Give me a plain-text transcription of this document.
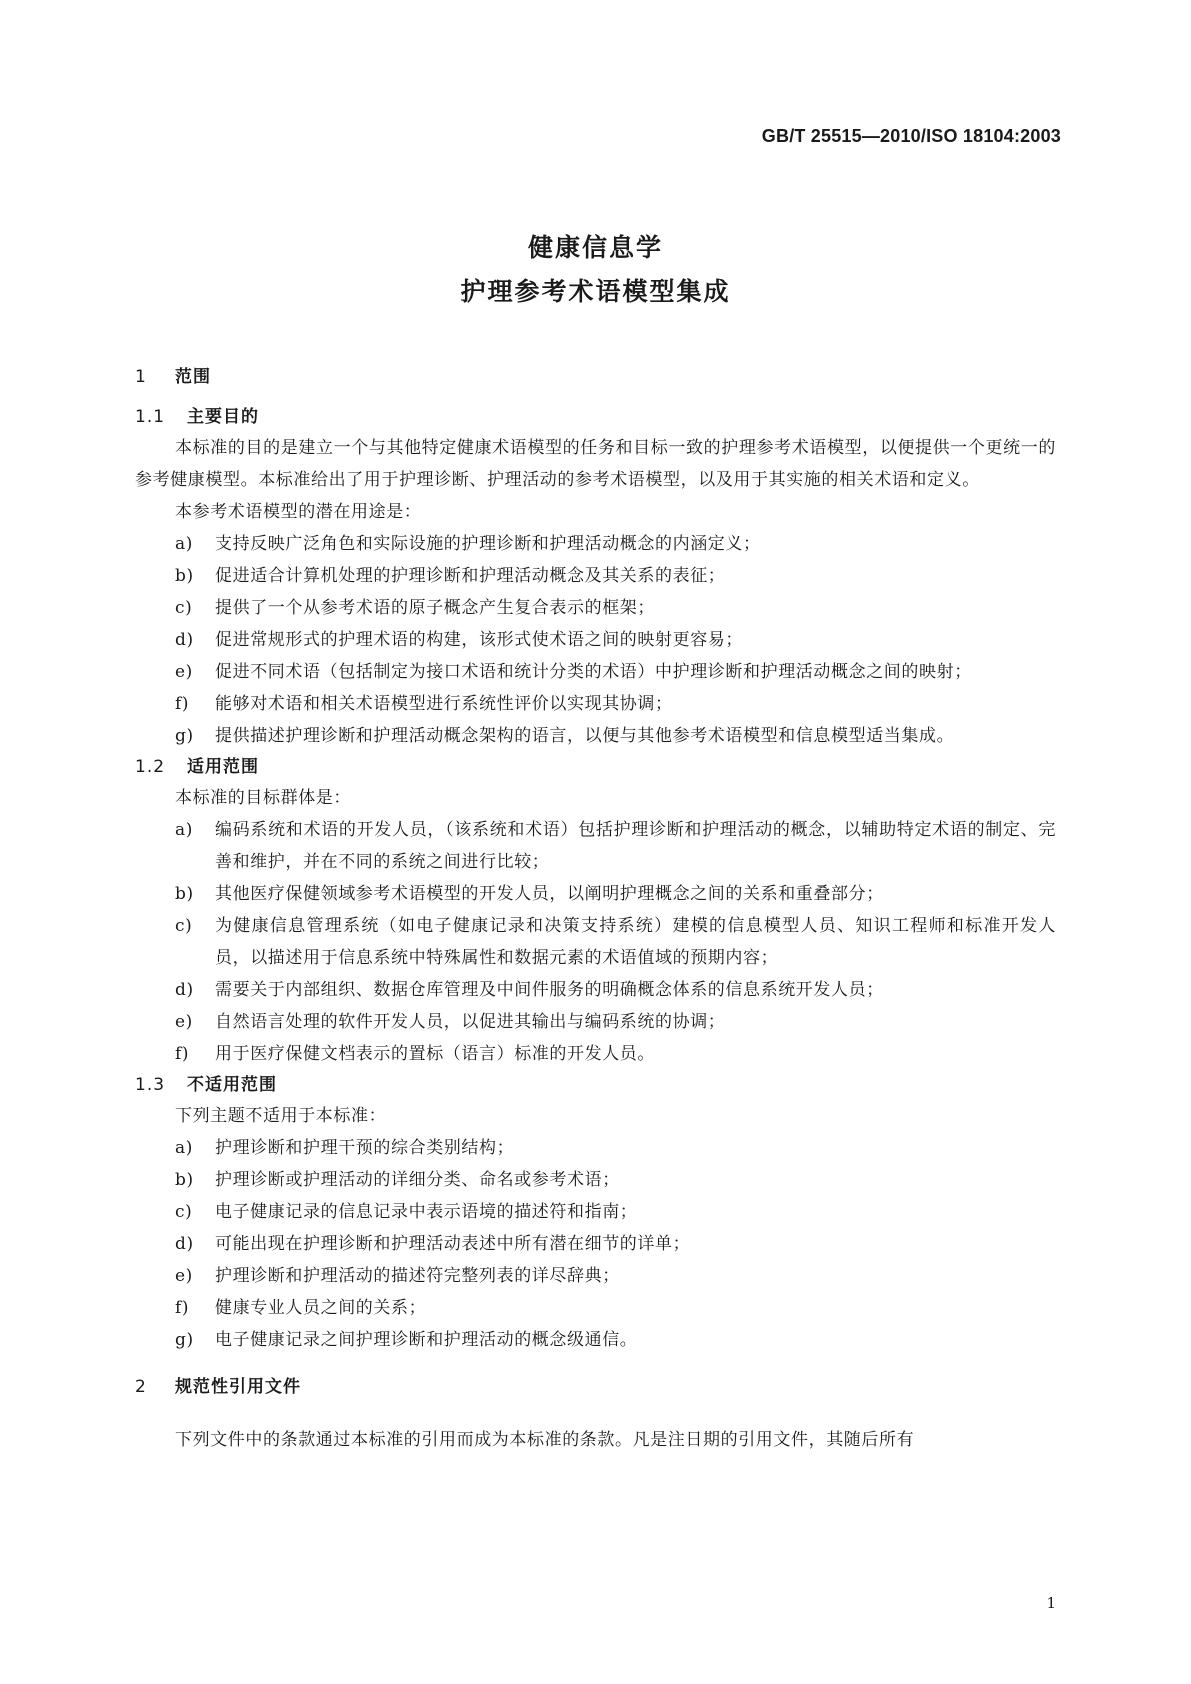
GB/T 25515—2010/ISO 18104:2003
健康信息学
护理参考术语模型集成
1 范围
1.1 主要目的
本标准的目的是建立一个与其他特定健康术语模型的任务和目标一致的护理参考术语模型，以便提供一个更统一的参考健康模型。本标准给出了用于护理诊断、护理活动的参考术语模型，以及用于其实施的相关术语和定义。
本参考术语模型的潜在用途是：
a)	支持反映广泛角色和实际设施的护理诊断和护理活动概念的内涵定义；
b)	促进适合计算机处理的护理诊断和护理活动概念及其关系的表征；
c)	提供了一个从参考术语的原子概念产生复合表示的框架；
d)	促进常规形式的护理术语的构建，该形式使术语之间的映射更容易；
e)	促进不同术语（包括制定为接口术语和统计分类的术语）中护理诊断和护理活动概念之间的映射；
f)	能够对术语和相关术语模型进行系统性评价以实现其协调；
g)	提供描述护理诊断和护理活动概念架构的语言，以便与其他参考术语模型和信息模型适当集成。
1.2 适用范围
本标准的目标群体是：
a)	编码系统和术语的开发人员，（该系统和术语）包括护理诊断和护理活动的概念，以辅助特定术语的制定、完善和维护，并在不同的系统之间进行比较；
b)	其他医疗保健领域参考术语模型的开发人员，以阐明护理概念之间的关系和重叠部分；
c)	为健康信息管理系统（如电子健康记录和决策支持系统）建模的信息模型人员、知识工程师和标准开发人员，以描述用于信息系统中特殊属性和数据元素的术语值域的预期内容；
d)	需要关于内部组织、数据仓库管理及中间件服务的明确概念体系的信息系统开发人员；
e)	自然语言处理的软件开发人员，以促进其输出与编码系统的协调；
f)	用于医疗保健文档表示的置标（语言）标准的开发人员。
1.3 不适用范围
下列主题不适用于本标准：
a)	护理诊断和护理干预的综合类别结构；
b)	护理诊断或护理活动的详细分类、命名或参考术语；
c)	电子健康记录的信息记录中表示语境的描述符和指南；
d)	可能出现在护理诊断和护理活动表述中所有潜在细节的详单；
e)	护理诊断和护理活动的描述符完整列表的详尽辞典；
f)	健康专业人员之间的关系；
g)	电子健康记录之间护理诊断和护理活动的概念级通信。
2 规范性引用文件
下列文件中的条款通过本标准的引用而成为本标准的条款。凡是注日期的引用文件，其随后所有
1
